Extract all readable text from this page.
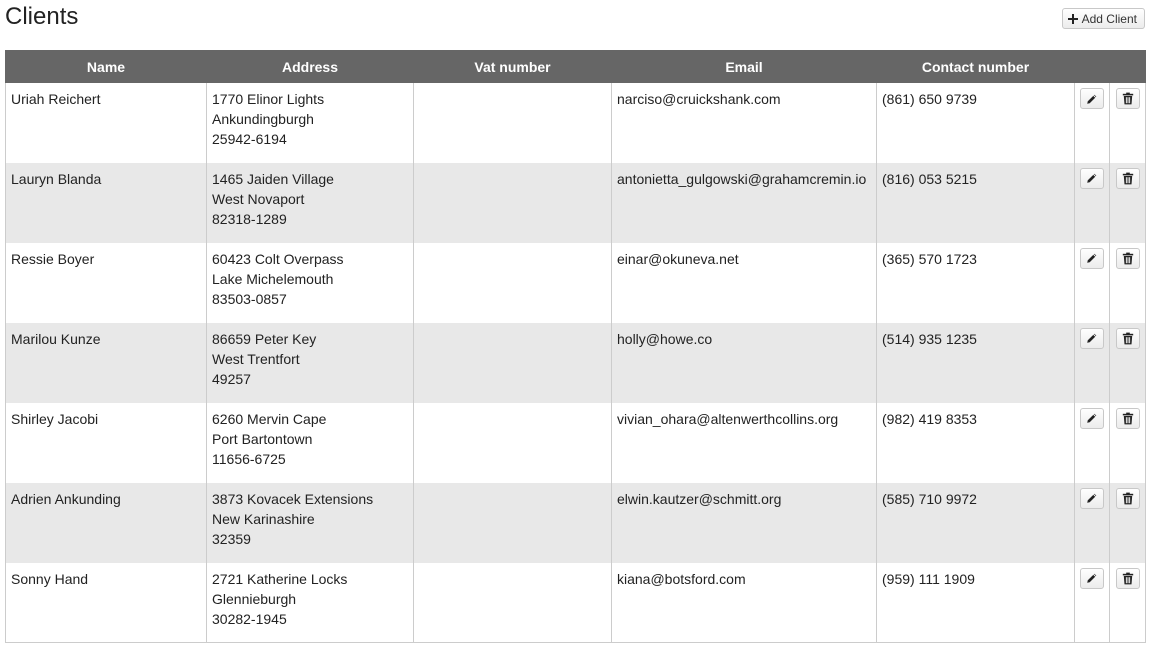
Clients	Add Client
Name	Address	Vat number	Email	Contact number		
Uriah Reichert	1770 Elinor Lights
Ankundingburgh
25942-6194		narciso@cruickshank.com	(861) 650 9739	

Lauryn Blanda	1465 Jaiden Village
West Novaport
82318-1289		antonietta_gulgowski@grahamcremin.io	(816) 053 5215	

Ressie Boyer	60423 Colt Overpass
Lake Michelemouth
83503-0857		einar@okuneva.net	(365) 570 1723	

Marilou Kunze	86659 Peter Key
West Trentfort
49257		holly@howe.co	(514) 935 1235	

Shirley Jacobi	6260 Mervin Cape
Port Bartontown
11656-6725		vivian_ohara@altenwerthcollins.org	(982) 419 8353	

Adrien Ankunding	3873 Kovacek Extensions
New Karinashire
32359		elwin.kautzer@schmitt.org	(585) 710 9972	

Sonny Hand	2721 Katherine Locks
Glennieburgh
30282-1945		kiana@botsford.com	(959) 111 1909	
